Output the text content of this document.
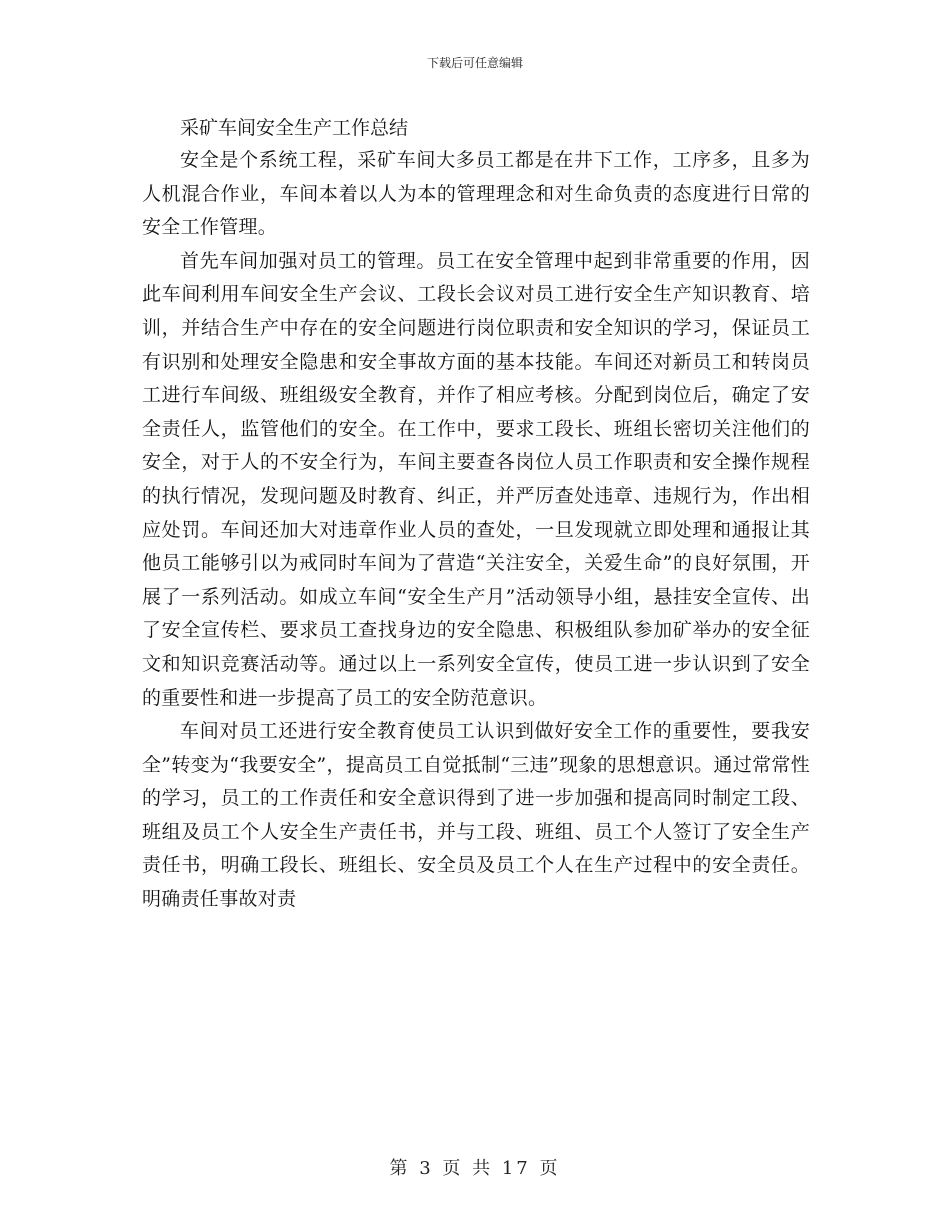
下载后可任意编辑
采矿车间安全生产工作总结

安全是个系统工程，采矿车间大多员工都是在井下工作，工序多，且多为人机混合作业，车间本着以人为本的管理理念和对生命负责的态度进行日常的安全工作管理。

首先车间加强对员工的管理。员工在安全管理中起到非常重要的作用，因此车间利用车间安全生产会议、工段长会议对员工进行安全生产知识教育、培训，并结合生产中存在的安全问题进行岗位职责和安全知识的学习，保证员工有识别和处理安全隐患和安全事故方面的基本技能。车间还对新员工和转岗员工进行车间级、班组级安全教育，并作了相应考核。分配到岗位后，确定了安全责任人，监管他们的安全。在工作中，要求工段长、班组长密切关注他们的安全，对于人的不安全行为，车间主要查各岗位人员工作职责和安全操作规程的执行情况，发现问题及时教育、纠正，并严厉查处违章、违规行为，作出相应处罚。车间还加大对违章作业人员的查处，一旦发现就立即处理和通报让其他员工能够引以为戒同时车间为了营造“关注安全，关爱生命”的良好氛围，开展了一系列活动。如成立车间“安全生产月”活动领导小组，悬挂安全宣传、出了安全宣传栏、要求员工查找身边的安全隐患、积极组队参加矿举办的安全征文和知识竞赛活动等。通过以上一系列安全宣传，使员工进一步认识到了安全的重要性和进一步提高了员工的安全防范意识。

车间对员工还进行安全教育使员工认识到做好安全工作的重要性，要我安全”转变为“我要安全”，提高员工自觉抵制“三违”现象的思想意识。通过常常性的学习，员工的工作责任和安全意识得到了进一步加强和提高同时制定工段、班组及员工个人安全生产责任书，并与工段、班组、员工个人签订了安全生产责任书，明确工段长、班组长、安全员及员工个人在生产过程中的安全责任。明确责任事故对责

第 3 页 共 17 页
